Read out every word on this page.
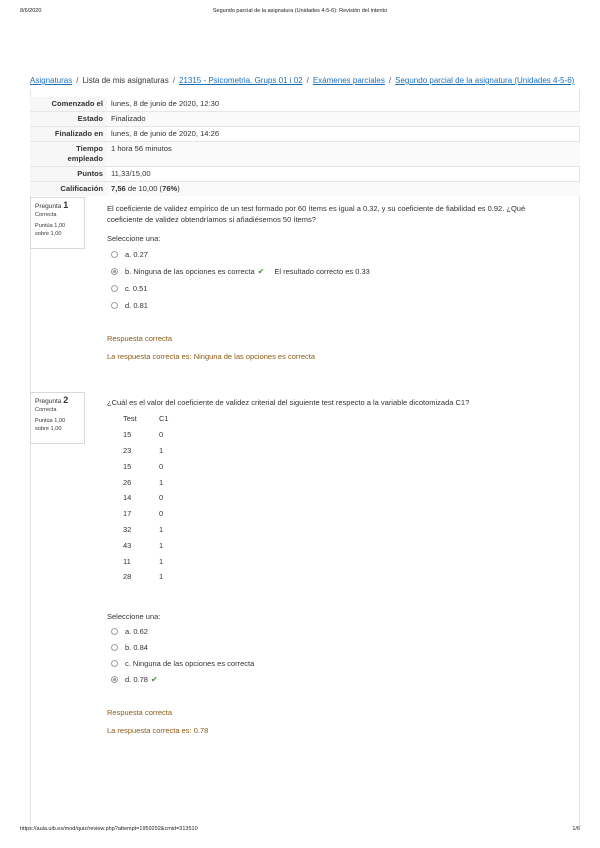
8/6/2020	Segundo parcial de la asignatura (Unidades 4-5-6): Revisión del intento
Asignaturas / Lista de mis asignaturas / 21315 - Psicometria. Grups 01 i 02 / Exámenes parciales / Segundo parcial de la asignatura (Unidades 4-5-6)
Comenzado el	lunes, 8 de junio de 2020, 12:30
Estado	Finalizado
Finalizado en	lunes, 8 de junio de 2020, 14:26
Tiempo empleado	1 hora 56 minutos
Puntos	11,33/15,00
Calificación	7,56 de 10,00 (76%)
Pregunta 1
Correcta
Puntúa 1,00 sobre 1,00
El coeficiente de validez empírico de un test formado por 60 ítems es igual a 0.32, y su coeficiente de fiabilidad es 0.92. ¿Qué coeficiente de validez obtendríamos si añadiésemos 50 ítems?
Seleccione una:
a. 0.27
b. Ninguna de las opciones es correcta ✔ El resultado correcto es 0.33
c. 0.51
d. 0.81
Respuesta correcta
La respuesta correcta es: Ninguna de las opciones es correcta
Pregunta 2
Correcta
Puntúa 1,00 sobre 1,00
¿Cuál es el valor del coeficiente de validez criterial del siguiente test respecto a la variable dicotomizada C1?
Test	C1
15	0
23	1
15	0
26	1
14	0
17	0
32	1
43	1
11	1
28	1
Seleccione una:
a. 0.62
b. 0.84
c. Ninguna de las opciones es correcta
d. 0.78 ✔
Respuesta correcta
La respuesta correcta es: 0.78
https://aula.uib.es/mod/quiz/review.php?attempt=1959292&cmid=313510	1/6
